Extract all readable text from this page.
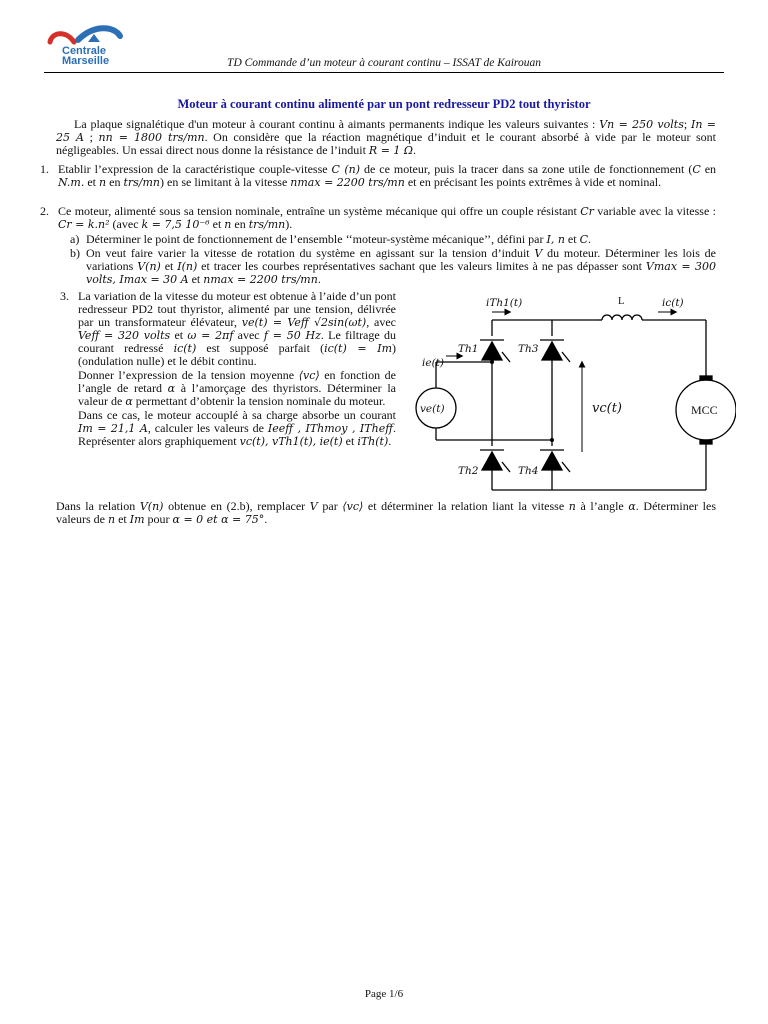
Centrale
Marseille	TD Commande d’un moteur à courant continu – ISSAT de Kairouan
Moteur à courant continu alimenté par un pont redresseur PD2 tout thyristor

La plaque signalétique d'un moteur à courant continu à aimants permanents indique les valeurs suivantes : Vn = 250 volts; In = 25 A ; nn = 1800 trs/mn. On considère que la réaction magnétique d’induit et le courant absorbé à vide par le moteur sont négligeables. Un essai direct nous donne la résistance de l’induit R = 1 Ω.

1. Etablir l’expression de la caractéristique couple-vitesse C (n) de ce moteur, puis la tracer dans sa zone utile de fonctionnement (C en N.m. et n en trs/mn) en se limitant à la vitesse nmax = 2200 trs/mn et en précisant les points extrêmes à vide et nominal.
2. Ce moteur, alimenté sous sa tension nominale, entraîne un système mécanique qui offre un couple résistant Cr variable avec la vitesse : Cr = k.n² (avec k = 7,5 10⁻⁶ et n en trs/mn).
a) Déterminer le point de fonctionnement de l’ensemble ‘‘moteur-système mécanique’’, défini par I, n et C.
b) On veut faire varier la vitesse de rotation du système en agissant sur la tension d’induit V du moteur. Déterminer les lois de variations V(n) et I(n) et tracer les courbes représentatives sachant que les valeurs limites à ne pas dépasser sont Vmax = 300 volts, Imax = 30 A et nmax = 2200 trs/mn.
3. La variation de la vitesse du moteur est obtenue à l’aide d’un pont redresseur PD2 tout thyristor, alimenté par une tension, délivrée par un transformateur élévateur, ve(t) = Veff √2sin(ωt), avec Veff = 320 volts et ω = 2πf avec f = 50 Hz. Le filtrage du courant redressé ic(t) est supposé parfait (ic(t) = Im) (ondulation nulle) et le débit continu.
Donner l’expression de la tension moyenne ⟨vc⟩ en fonction de l’angle de retard α à l’amorçage des thyristors. Déterminer la valeur de α permettant d’obtenir la tension nominale du moteur.
Dans ce cas, le moteur accouplé à sa charge absorbe un courant Im = 21,1 A, calculer les valeurs de Ieeff , IThmoy , ITheff. Représenter alors graphiquement vc(t), vTh1(t), ie(t) et iTh(t).
iTh1(t)	L	ic(t)
Th1	Th3
Th2	Th4
ie(t)
ve(t)	vc(t)	MCC

Dans la relation V(n) obtenue en (2.b), remplacer V par ⟨vc⟩ et déterminer la relation liant la vitesse n à l’angle α. Déterminer les valeurs de n et Im pour α = 0 et α = 75°.

Page 1/6
